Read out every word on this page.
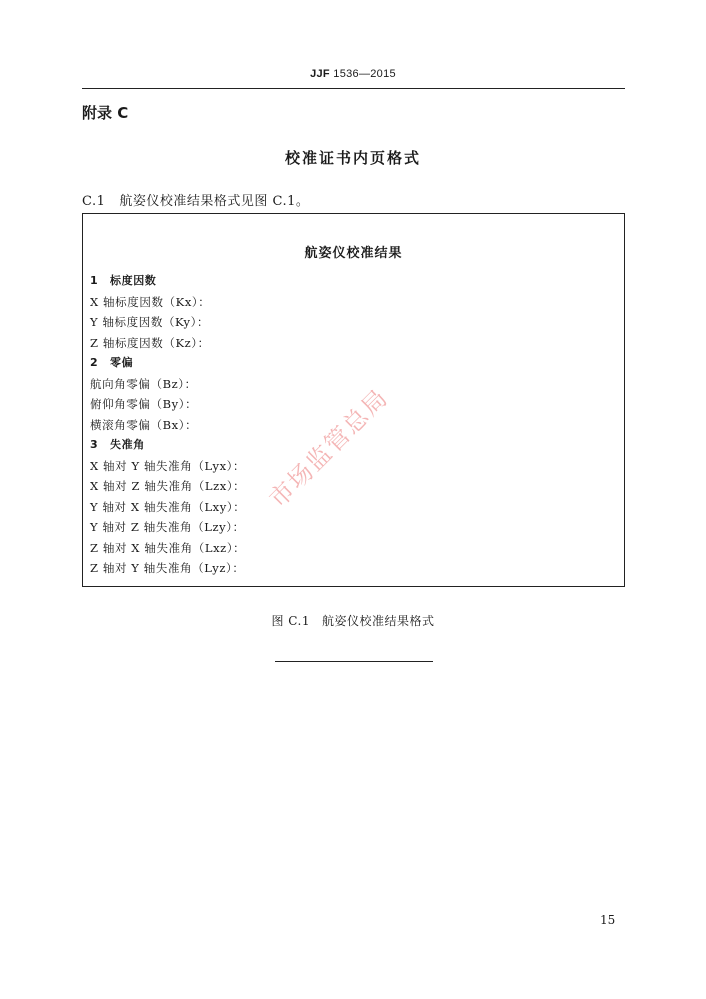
JJF 1536—2015
附录 C
校准证书内页格式
C.1 航姿仪校准结果格式见图 C.1。
航姿仪校准结果
1 标度因数
X 轴标度因数（Kx）：
Y 轴标度因数（Ky）：
Z 轴标度因数（Kz）：
2 零偏
航向角零偏（Bz）：
俯仰角零偏（By）：
横滚角零偏（Bx）：
3 失准角
X 轴对 Y 轴失准角（Lyx）：
X 轴对 Z 轴失准角（Lzx）：
Y 轴对 X 轴失准角（Lxy）：
Y 轴对 Z 轴失准角（Lzy）：
Z 轴对 X 轴失准角（Lxz）：
Z 轴对 Y 轴失准角（Lyz）：
市场监管总局
图 C.1 航姿仪校准结果格式
15
